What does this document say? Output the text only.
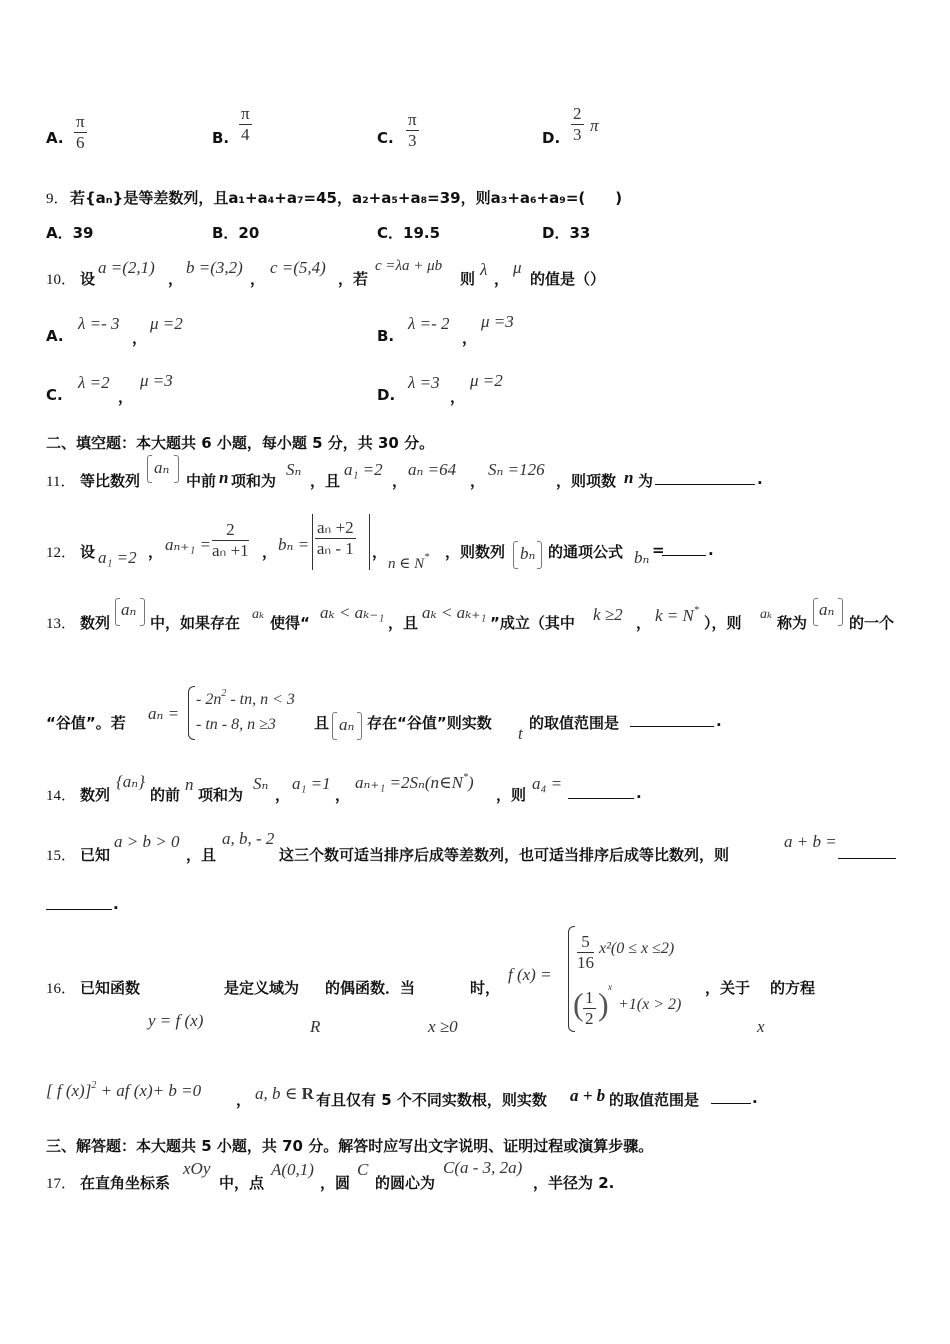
A. $\frac{\pi}{6}$	B. $\frac{\pi}{4}$	C. $\frac{\pi}{3}$	D. $\frac{2}{3}$ π
9． 若{aₙ}是等差数列，且a₁+a₄+a₇=45，a₂+a₅+a₈=39，则a₃+a₆+a₉=(　　)
A．39	B．20	C．19.5	D．33
10． 设
a =(2,1)
，
b =(3,2)
，
c =(5,4)
，若
c =λa + μb
则 λ ，
μ
的值是（）
A.
λ =- 3
，
μ =2
B.
λ =- 2
，
μ =3
C.
λ =2
，
μ =3
D.
λ =3
，
μ =2
二、填空题：本大题共 6 小题，每小题 5 分，共 30 分。
11． 等比数列
aₙ
中前 n 项和为
Sₙ
，且
a₁ =2
，
aₙ =64
，
Sₙ =126
，则项数 n 为	.
12． 设 a₁ =2 ， $a_{n+1} = \frac{2}{\text{aₙ +1}}$ ， $b_n = \frac{\text{aₙ +2}}{\text{aₙ - 1}}$ ，
n ∈ N* ，则数列 bₙ 的通项公式 bₙ =	.
13． 数列
aₙ
中，如果存在 aₖ 使得“
aₖ < aₖ₋₁
，且
aₖ < aₖ₊₁
”成立（其中 k ≥2 ， k = N*
），则 aₖ 称为
aₙ
的一个
“谷值”。若 aₙ =
- $2n^2$ - tn, n < 3
- tn - 8, n ≥3	且 aₙ 存在“谷值”则实数
t
的取值范围是	.
14． 数列
{aₙ}
的前
n
项和为
Sₙ
，
a₁ =1
，
aₙ₊₁ =2Sₙ(n∈N*)
，则
a₄ =	.
15． 已知
a > b > 0
，且
a, b, - 2
这三个数可适当排序后成等差数列，也可适当排序后成等比数列，则
a + b =
.
16． 已知函数
y = f (x)
是定义域为
R
的偶函数．当
x ≥0
时，
f (x) =
$\frac{5}{16} x^2(0 \le x \le 2)$
( $\frac{1}{2}$ ) x
+1(x > 2)
，关于
x
的方程
[ f (x)]$^2$ + af (x)+ b =0 ， a, b ∈ R 有且仅有 5 个不同实数根，则实数 a + b 的取值范围是	.
三、解答题：本大题共 5 小题，共 70 分。解答时应写出文字说明、证明过程或演算步骤。
17． 在直角坐标系
xOy
中，点
A(0,1)
，圆
C
的圆心为
C(a - 3, 2a)
，半径为 2.
